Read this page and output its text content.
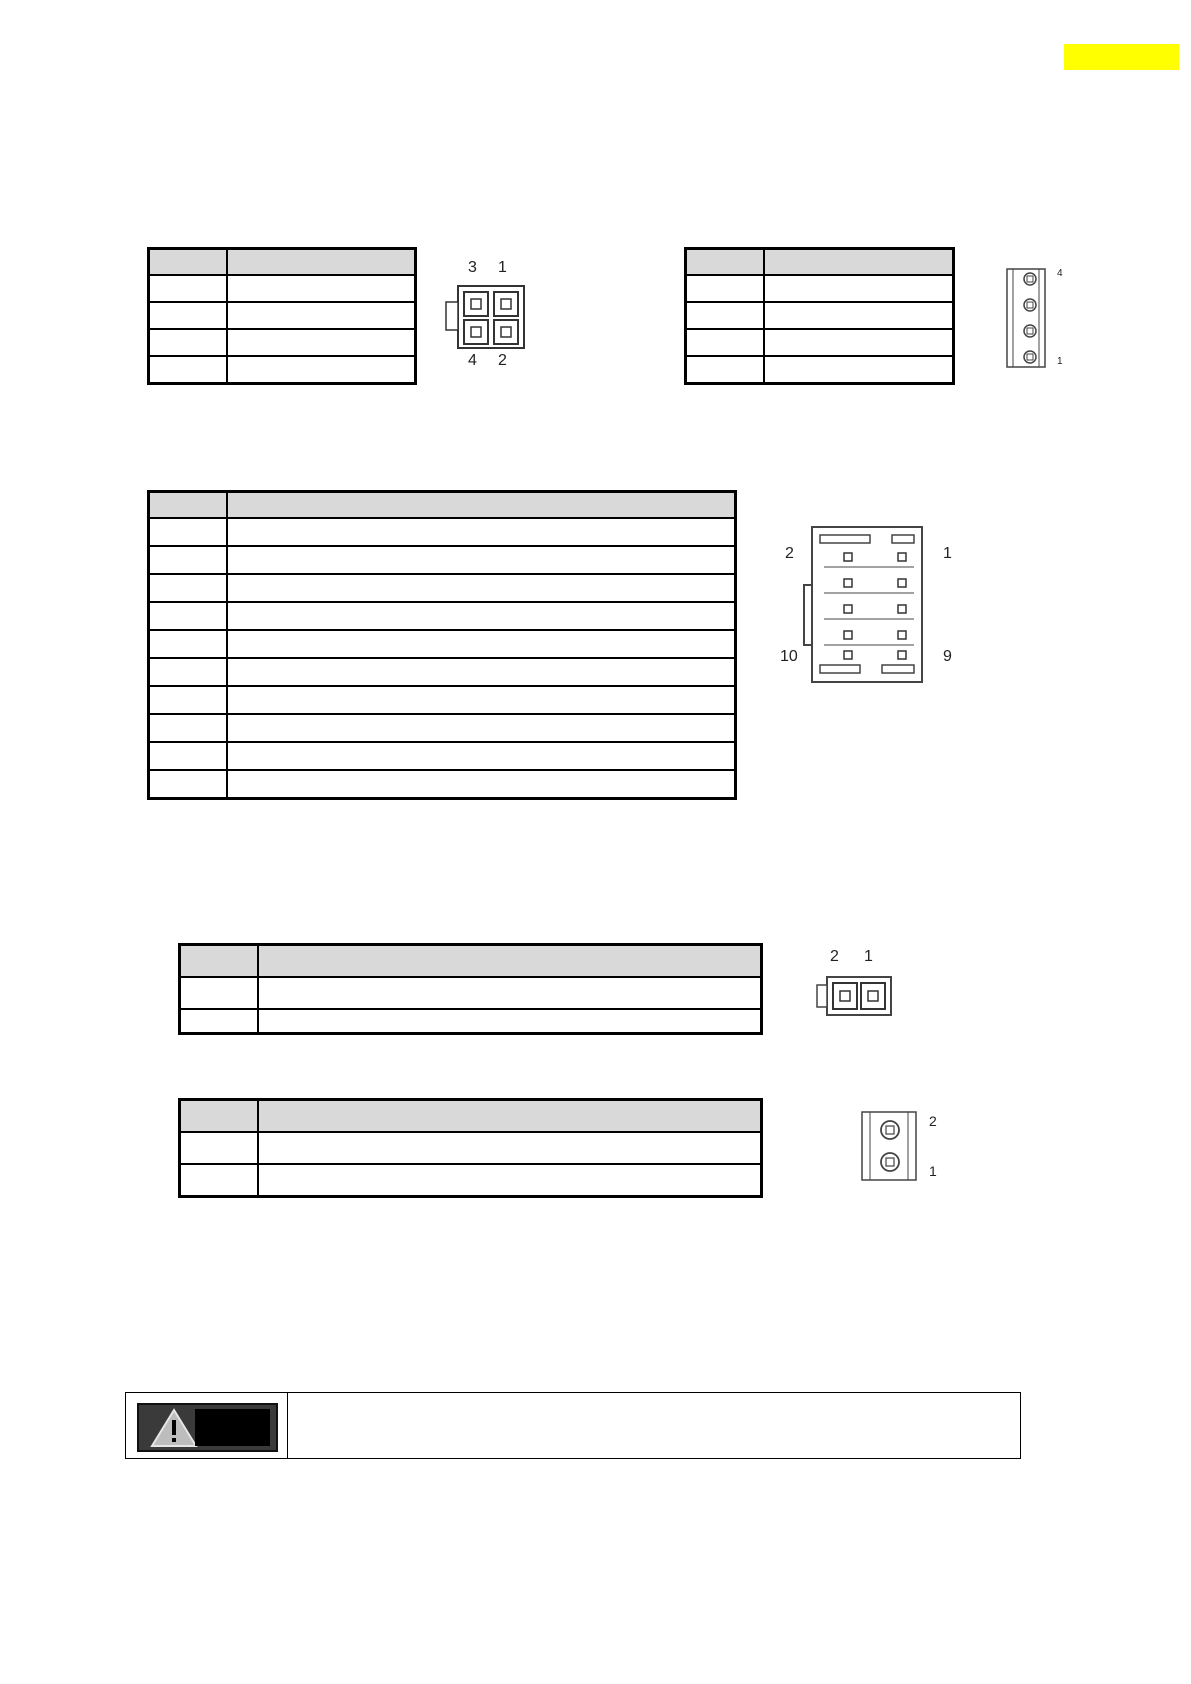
3 1
4 2

4
1

2	1
10	9

2 1

2
1
